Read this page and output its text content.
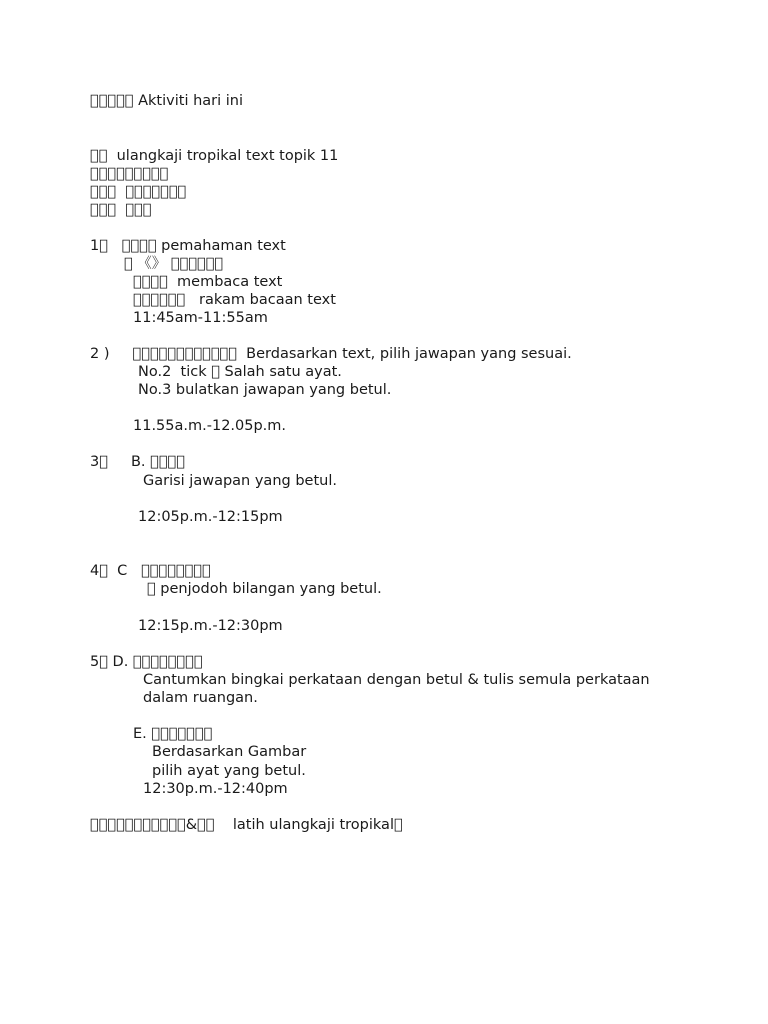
􏰀􏰁􏰂􏰃􏰄 Aktiviti hari ini
􏰅􏰆  ulangkaji tropikal text topik 11
􏰇􏰈􏰉􏰊􏰋􏰌􏰍􏰎􏰏
􏰐􏰑􏰒  􏰓􏰔􏰕􏰖􏰗􏰘􏰙
􏰚􏰛􏰜  􏰝􏰞􏰟
1􏰠   􏰡􏰢􏰣􏰤 pemahaman text
􏰥 《》 􏰦􏰧􏰨􏰩􏰪􏰫
􏰬􏰭􏰮􏰯  membaca text
􏰰􏰱􏰲􏰳􏰴􏰵   rakam bacaan text
11:45am-11:55am
2 )     􏰶􏰷􏰸􏰹􏰺􏰻􏰼􏰽􏰾􏰿􏱀􏱁  Berdasarkan text, pilih jawapan yang sesuai.
No.2  tick 􏱂 Salah satu ayat.
No.3 bulatkan jawapan yang betul.
11.55a.m.-12.05p.m.
3􏱃     B. 􏱄􏱅􏱆􏱇
Garisi jawapan yang betul.
12:05p.m.-12:15pm
4􏱈  C   􏱉􏱊􏱋􏱌􏱍􏱎􏱏􏱐
􏱑 penjodoh bilangan yang betul.
12:15p.m.-12:30pm
5􏱒 D. 􏱓􏱔􏱕􏱖􏱗􏱘􏱙􏱚
Cantumkan bingkai perkataan dengan betul & tulis semula perkataan
dalam ruangan.
E. 􏱛􏱜􏱝􏱞􏱟􏱠􏱡
Berdasarkan Gambar
pilih ayat yang betul.
12:30p.m.-12:40pm
􏱢􏱣􏱤􏱥􏱦􏱧􏱨􏱩􏱪􏱫􏱬&􏱭􏱮    latih ulangkaji tropikal􏱯
